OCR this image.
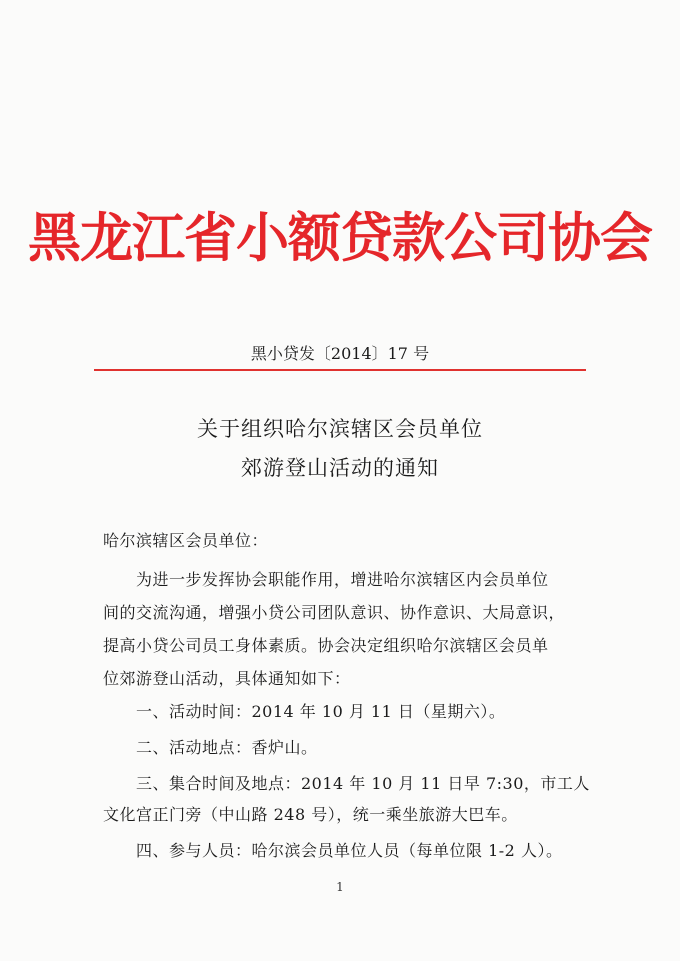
黑龙江省小额贷款公司协会
黑小贷发〔2014〕17 号
关于组织哈尔滨辖区会员单位
郊游登山活动的通知
哈尔滨辖区会员单位：
为进一步发挥协会职能作用，增进哈尔滨辖区内会员单位
间的交流沟通，增强小贷公司团队意识、协作意识、大局意识，
提高小贷公司员工身体素质。协会决定组织哈尔滨辖区会员单
位郊游登山活动，具体通知如下：
一、活动时间：2014 年 10 月 11 日（星期六）。
二、活动地点：香炉山。
三、集合时间及地点：2014 年 10 月 11 日早 7:30，市工人
文化宫正门旁（中山路 248 号），统一乘坐旅游大巴车。
四、参与人员：哈尔滨会员单位人员（每单位限 1-2 人）。
1
